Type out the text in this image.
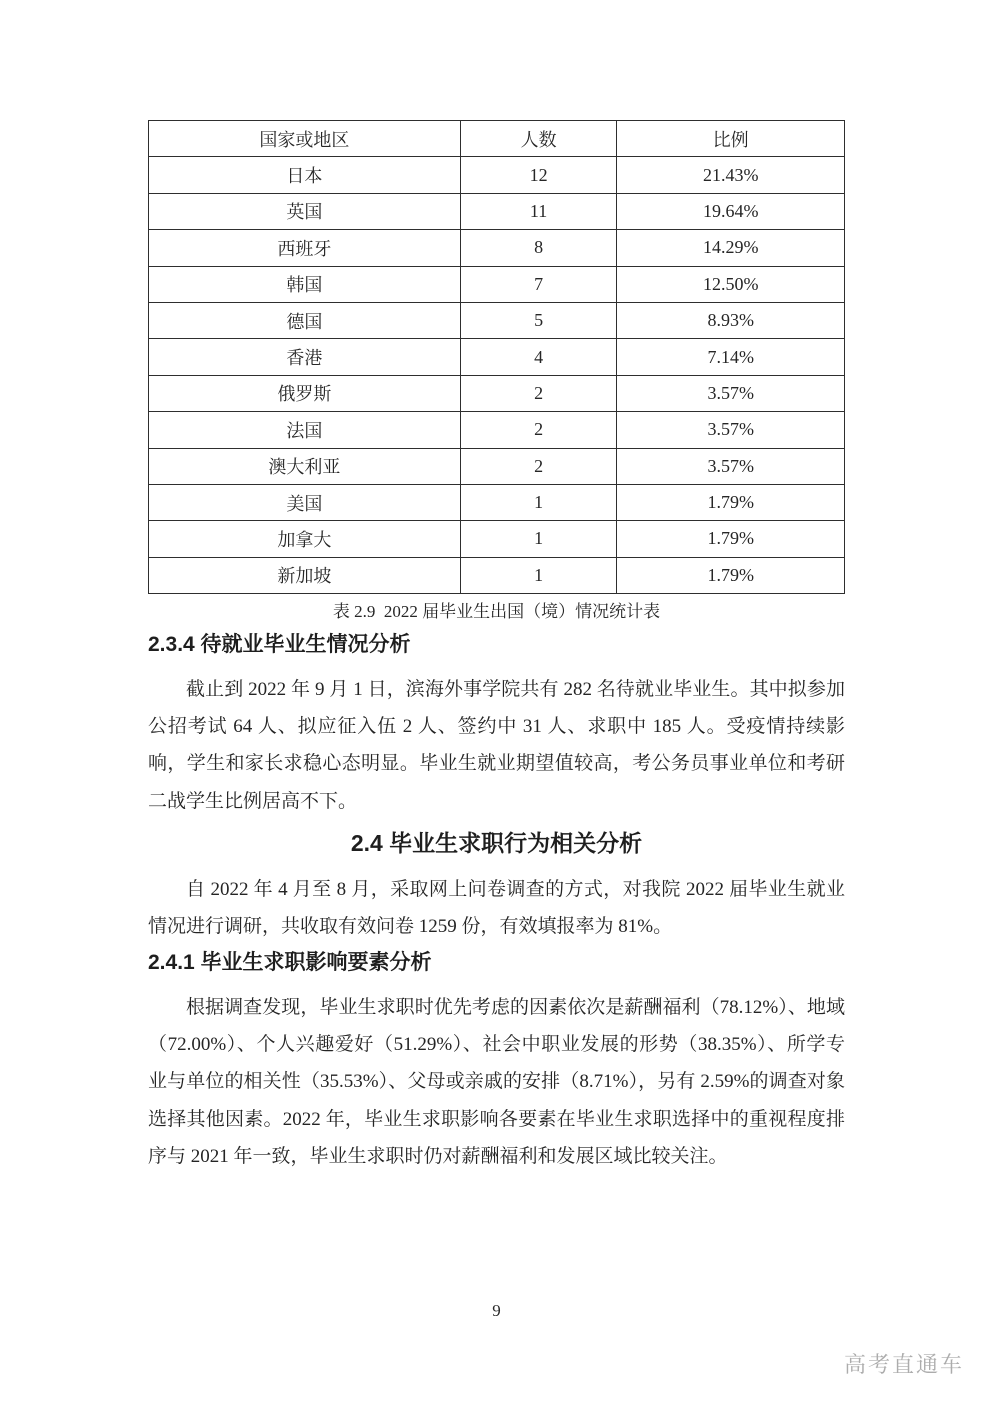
国家或地区	人数	比例
日本	12	21.43%
英国	11	19.64%
西班牙	8	14.29%
韩国	7	12.50%
德国	5	8.93%
香港	4	7.14%
俄罗斯	2	3.57%
法国	2	3.57%
澳大利亚	2	3.57%
美国	1	1.79%
加拿大	1	1.79%
新加坡	1	1.79%
表 2.9  2022 届毕业生出国（境）情况统计表
2.3.4 待就业毕业生情况分析

截止到 2022 年 9 月 1 日，滨海外事学院共有 282 名待就业毕业生。其中拟参加公招考试 64 人、拟应征入伍 2 人、签约中 31 人、求职中 185 人。受疫情持续影响，学生和家长求稳心态明显。毕业生就业期望值较高，考公务员事业单位和考研二战学生比例居高不下。

2.4 毕业生求职行为相关分析

自 2022 年 4 月至 8 月，采取网上问卷调查的方式，对我院 2022 届毕业生就业情况进行调研，共收取有效问卷 1259 份，有效填报率为 81%。

2.4.1 毕业生求职影响要素分析

根据调查发现，毕业生求职时优先考虑的因素依次是薪酬福利（78.12%）、地域（72.00%）、个人兴趣爱好（51.29%）、社会中职业发展的形势（38.35%）、所学专业与单位的相关性（35.53%）、父母或亲戚的安排（8.71%），另有 2.59%的调查对象选择其他因素。2022 年，毕业生求职影响各要素在毕业生求职选择中的重视程度排序与 2021 年一致，毕业生求职时仍对薪酬福利和发展区域比较关注。

9
高考直通车
